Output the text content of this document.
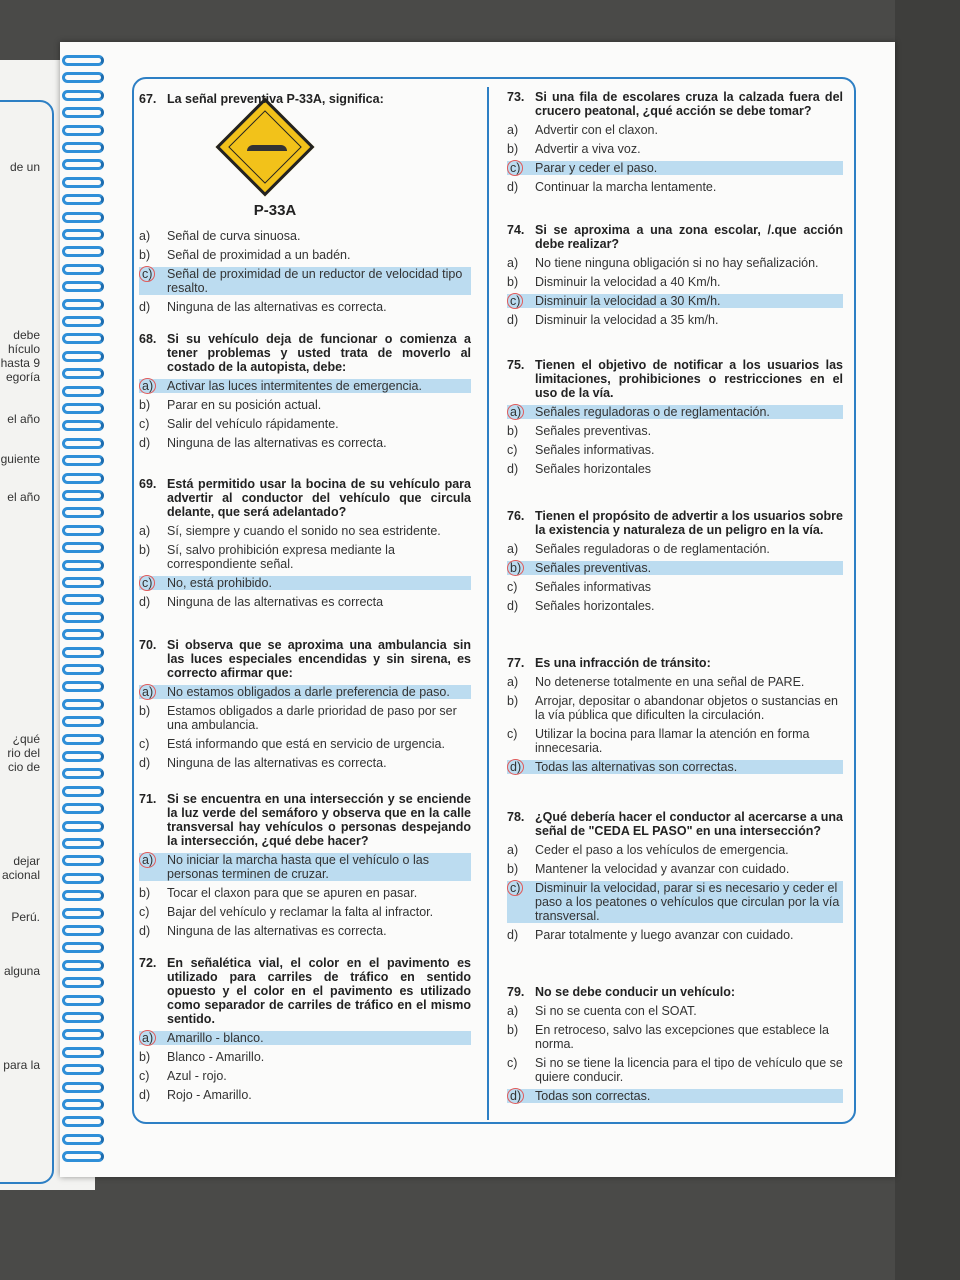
de un
debe
hículo
hasta 9
egoría
el año
guiente
el año
¿qué
rio del
cio de
dejar
acional
Perú.
alguna
para la
P-33A
67. La señal preventiva P-33A, significa:
a)	Señal de curva sinuosa.
b)	Señal de proximidad a un badén.
c)	Señal de proximidad de un reductor de velocidad tipo resalto.
d)	Ninguna de las alternativas es correcta.
68. Si su vehículo deja de funcionar o comienza a tener problemas y usted trata de moverlo al costado de la autopista, debe:
a)	Activar las luces intermitentes de emergencia.
b)	Parar en su posición actual.
c)	Salir del vehículo rápidamente.
d)	Ninguna de las alternativas es correcta.
69. Está permitido usar la bocina de su vehículo para advertir al conductor del vehículo que circula delante, que será adelantado?
a)	Sí, siempre y cuando el sonido no sea estridente.
b)	Sí, salvo prohibición expresa mediante la correspondiente señal.
c)	No, está prohibido.
d)	Ninguna de las alternativas es correcta
70. Si observa que se aproxima una ambulancia sin las luces especiales encendidas y sin sirena, es correcto afirmar que:
a)	No estamos obligados a darle preferencia de paso.
b)	Estamos obligados a darle prioridad de paso por ser una ambulancia.
c)	Está informando que está en servicio de urgencia.
d)	Ninguna de las alternativas es correcta.
71. Si se encuentra en una intersección y se enciende la luz verde del semáforo y observa que en la calle transversal hay vehículos o personas despejando la intersección, ¿qué debe hacer?
a)	No iniciar la marcha hasta que el vehículo o las personas terminen de cruzar.
b)	Tocar el claxon para que se apuren en pasar.
c)	Bajar del vehículo y reclamar la falta al infractor.
d)	Ninguna de las alternativas es correcta.
72. En señalética vial, el color en el pavimento es utilizado para carriles de tráfico en sentido opuesto y el color en el pavimento es utilizado como separador de carriles de tráfico en el mismo sentido.
a)	Amarillo - blanco.
b)	Blanco - Amarillo.
c)	Azul - rojo.
d)	Rojo - Amarillo.
73. Si una fila de escolares cruza la calzada fuera del crucero peatonal, ¿qué acción se debe tomar?
a)	Advertir con el claxon.
b)	Advertir a viva voz.
c)	Parar y ceder el paso.
d)	Continuar la marcha lentamente.
74. Si se aproxima a una zona escolar, /.que acción debe realizar?
a)	No tiene ninguna obligación si no hay señalización.
b)	Disminuir la velocidad a 40 Km/h.
c)	Disminuir la velocidad a 30 Km/h.
d)	Disminuir la velocidad a 35 km/h.
75. Tienen el objetivo de notificar a los usuarios las limitaciones, prohibiciones o restricciones en el uso de la vía.
a)	Señales reguladoras o de reglamentación.
b)	Señales preventivas.
c)	Señales informativas.
d)	Señales horizontales
76. Tienen el propósito de advertir a los usuarios sobre la existencia y naturaleza de un peligro en la vía.
a)	Señales reguladoras o de reglamentación.
b)	Señales preventivas.
c)	Señales informativas
d)	Señales horizontales.
77. Es una infracción de tránsito:
a)	No detenerse totalmente en una señal de PARE.
b)	Arrojar, depositar o abandonar objetos o sustancias en la vía pública que dificulten la circulación.
c)	Utilizar la bocina para llamar la atención en forma innecesaria.
d)	Todas las alternativas son correctas.
78. ¿Qué debería hacer el conductor al acercarse a una señal de "CEDA EL PASO" en una intersección?
a)	Ceder el paso a los vehículos de emergencia.
b)	Mantener la velocidad y avanzar con cuidado.
c)	Disminuir la velocidad, parar si es necesario y ceder el paso a los peatones o vehículos que circulan por la vía transversal.
d)	Parar totalmente y luego avanzar con cuidado.
79. No se debe conducir un vehículo:
a)	Si no se cuenta con el SOAT.
b)	En retroceso, salvo las excepciones que establece la norma.
c)	Si no se tiene la licencia para el tipo de vehículo que se quiere conducir.
d)	Todas son correctas.
